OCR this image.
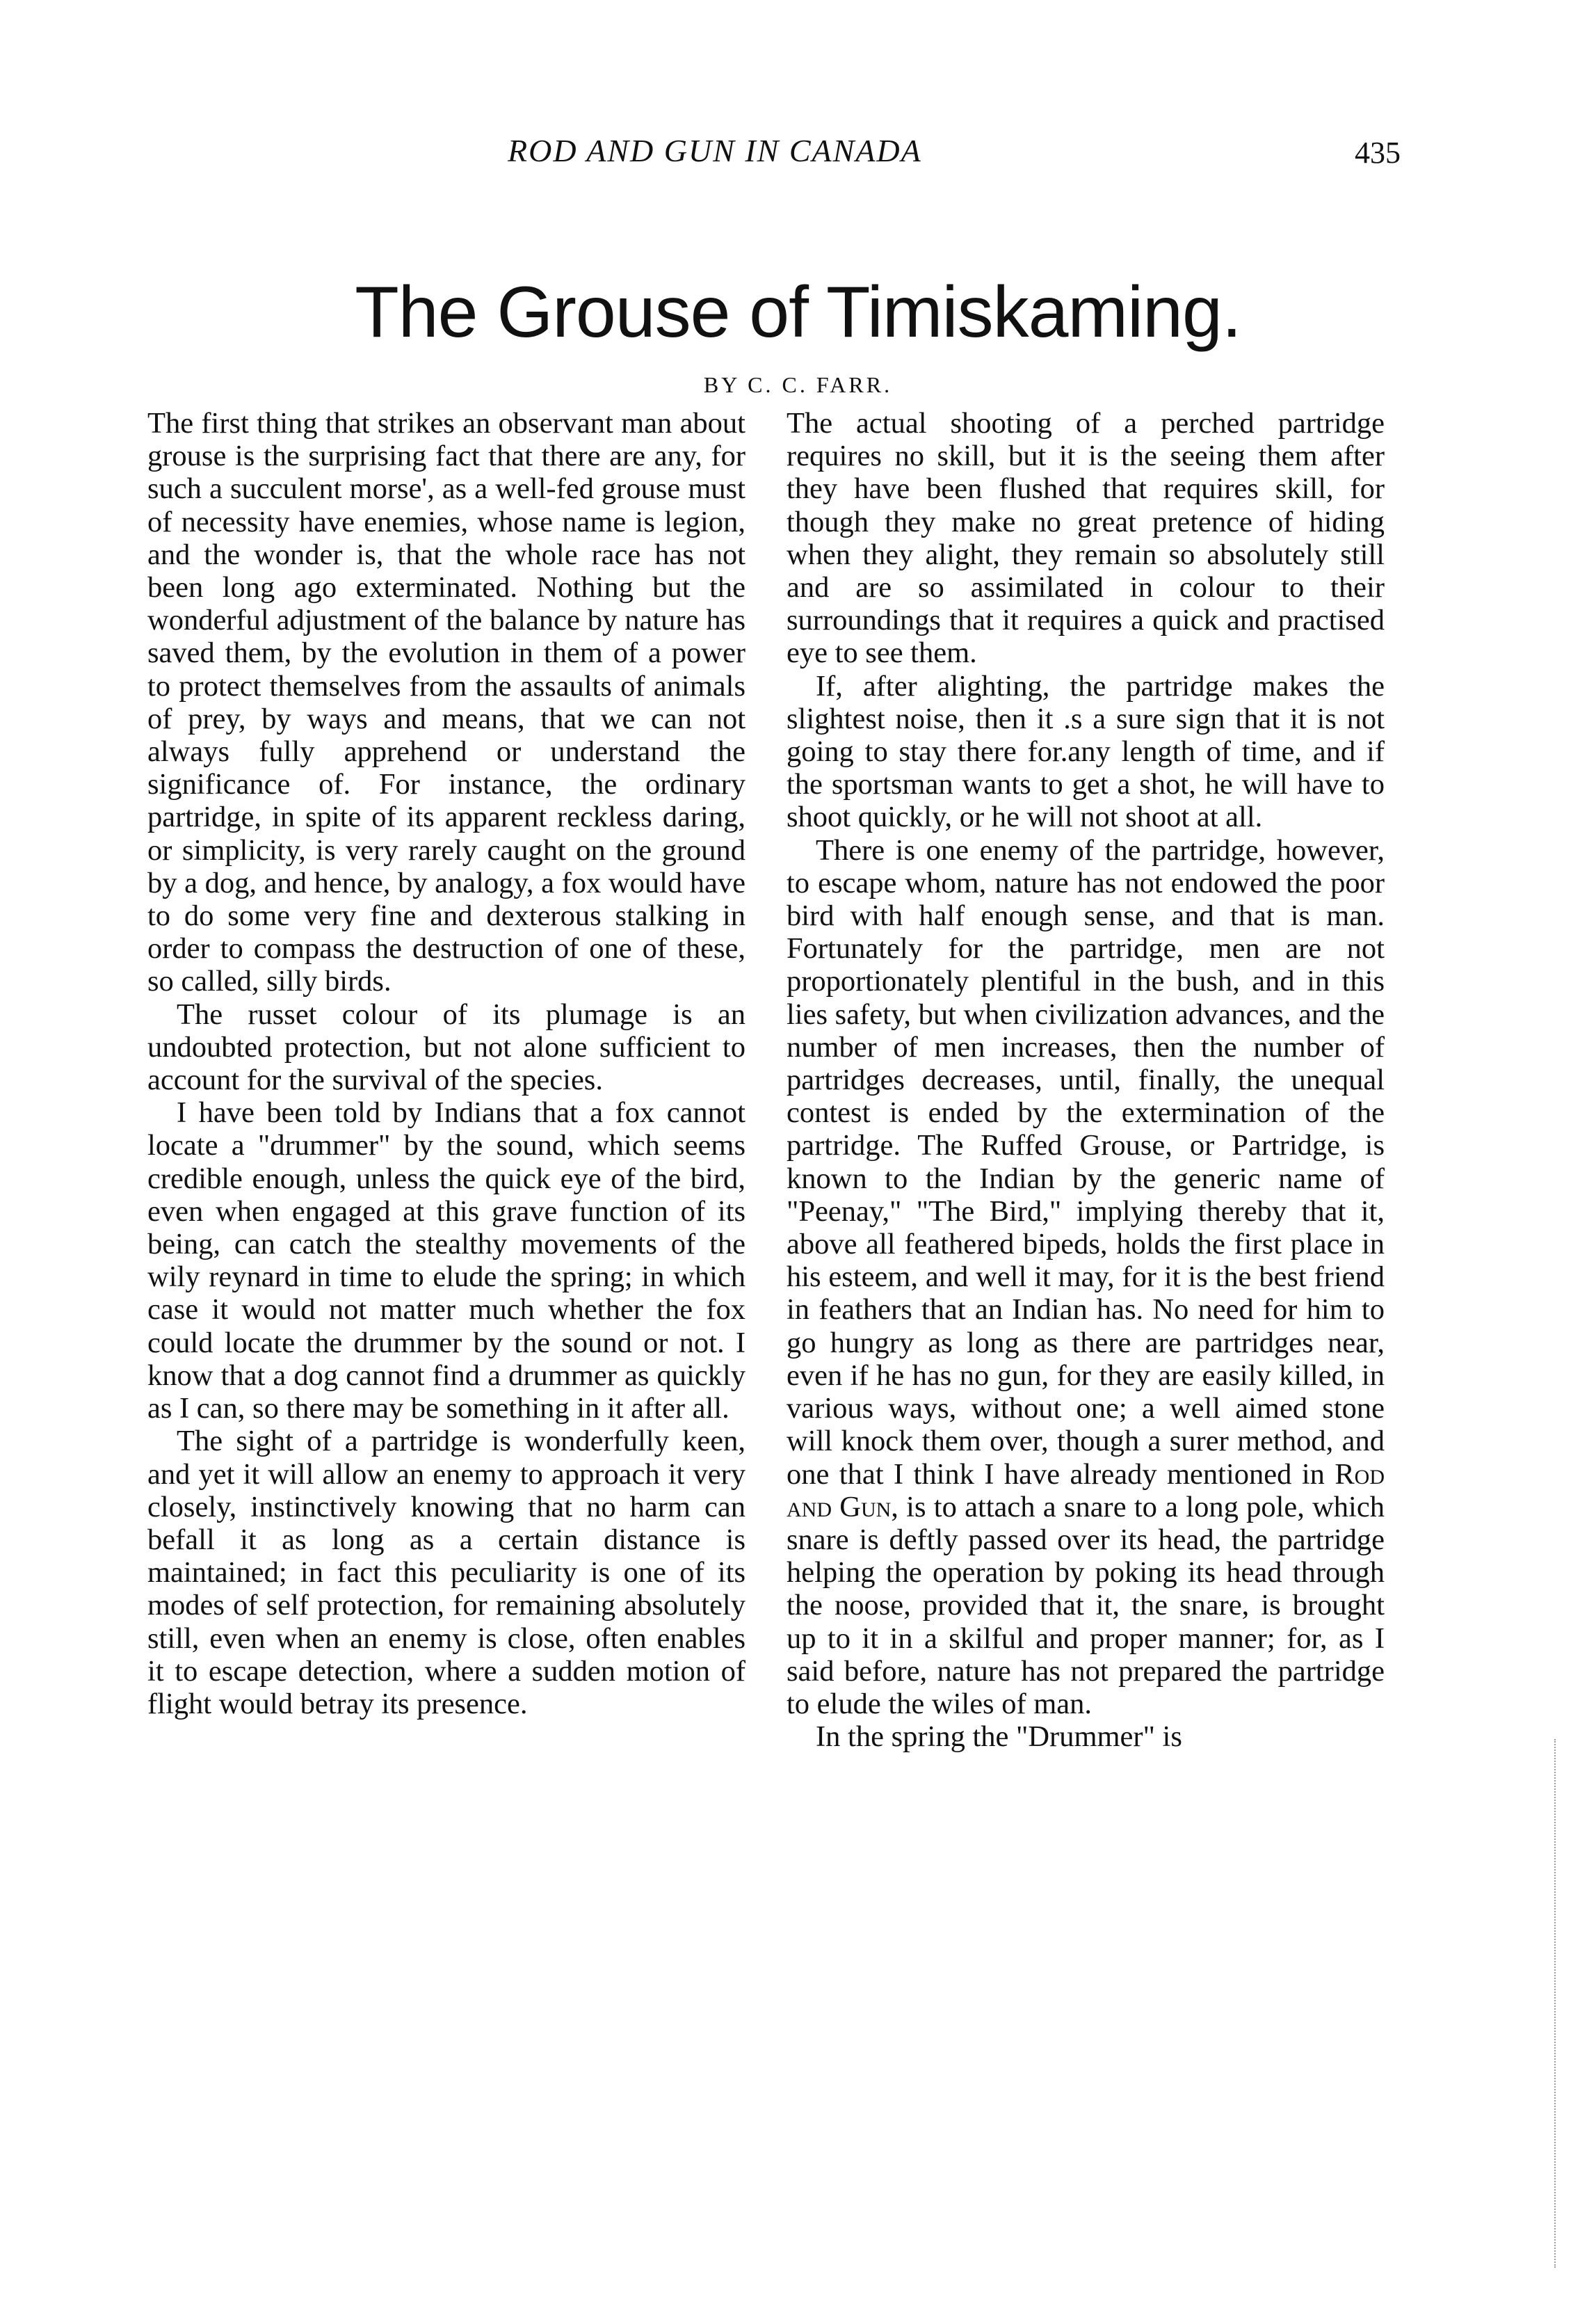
ROD AND GUN IN CANADA	435
The Grouse of Timiskaming.
BY C. C. FARR.

The first thing that strikes an observant man about grouse is the surprising fact that there are any, for such a succulent morse', as a well-fed grouse must of necessity have enemies, whose name is legion, and the wonder is, that the whole race has not been long ago exterminated. Nothing but the wonderful adjustment of the balance by nature has saved them, by the evolution in them of a power to protect themselves from the assaults of animals of prey, by ways and means, that we can not always fully apprehend or understand the significance of. For instance, the ordinary partridge, in spite of its apparent reckless daring, or simplicity, is very rarely caught on the ground by a dog, and hence, by analogy, a fox would have to do some very fine and dexterous stalking in order to compass the destruction of one of these, so called, silly birds.

The russet colour of its plumage is an undoubted protection, but not alone sufficient to account for the survival of the species.

I have been told by Indians that a fox cannot locate a "drummer" by the sound, which seems credible enough, unless the quick eye of the bird, even when engaged at this grave function of its being, can catch the stealthy movements of the wily reynard in time to elude the spring; in which case it would not matter much whether the fox could locate the drummer by the sound or not. I know that a dog cannot find a drummer as quickly as I can, so there may be something in it after all.

The sight of a partridge is wonderfully keen, and yet it will allow an enemy to approach it very closely, instinctively knowing that no harm can befall it as long as a certain distance is maintained; in fact this peculiarity is one of its modes of self protection, for remaining absolutely still, even when an enemy is close, often enables it to escape detection, where a sudden motion of flight would betray its presence.

The actual shooting of a perched partridge requires no skill, but it is the seeing them after they have been flushed that requires skill, for though they make no great pretence of hiding when they alight, they remain so absolutely still and are so assimilated in colour to their surroundings that it requires a quick and practised eye to see them.

If, after alighting, the partridge makes the slightest noise, then it .s a sure sign that it is not going to stay there for.any length of time, and if the sportsman wants to get a shot, he will have to shoot quickly, or he will not shoot at all.

There is one enemy of the partridge, however, to escape whom, nature has not endowed the poor bird with half enough sense, and that is man. Fortunately for the partridge, men are not proportionately plentiful in the bush, and in this lies safety, but when civilization advances, and the number of men increases, then the number of partridges decreases, until, finally, the unequal contest is ended by the extermination of the partridge. The Ruffed Grouse, or Partridge, is known to the Indian by the generic name of "Peenay," "The Bird," implying thereby that it, above all feathered bipeds, holds the first place in his esteem, and well it may, for it is the best friend in feathers that an Indian has. No need for him to go hungry as long as there are partridges near, even if he has no gun, for they are easily killed, in various ways, without one; a well aimed stone will knock them over, though a surer method, and one that I think I have already mentioned in Rod and Gun, is to attach a snare to a long pole, which snare is deftly passed over its head, the partridge helping the operation by poking its head through the noose, provided that it, the snare, is brought up to it in a skilful and proper manner; for, as I said before, nature has not prepared the partridge to elude the wiles of man.

In the spring the "Drummer" is
